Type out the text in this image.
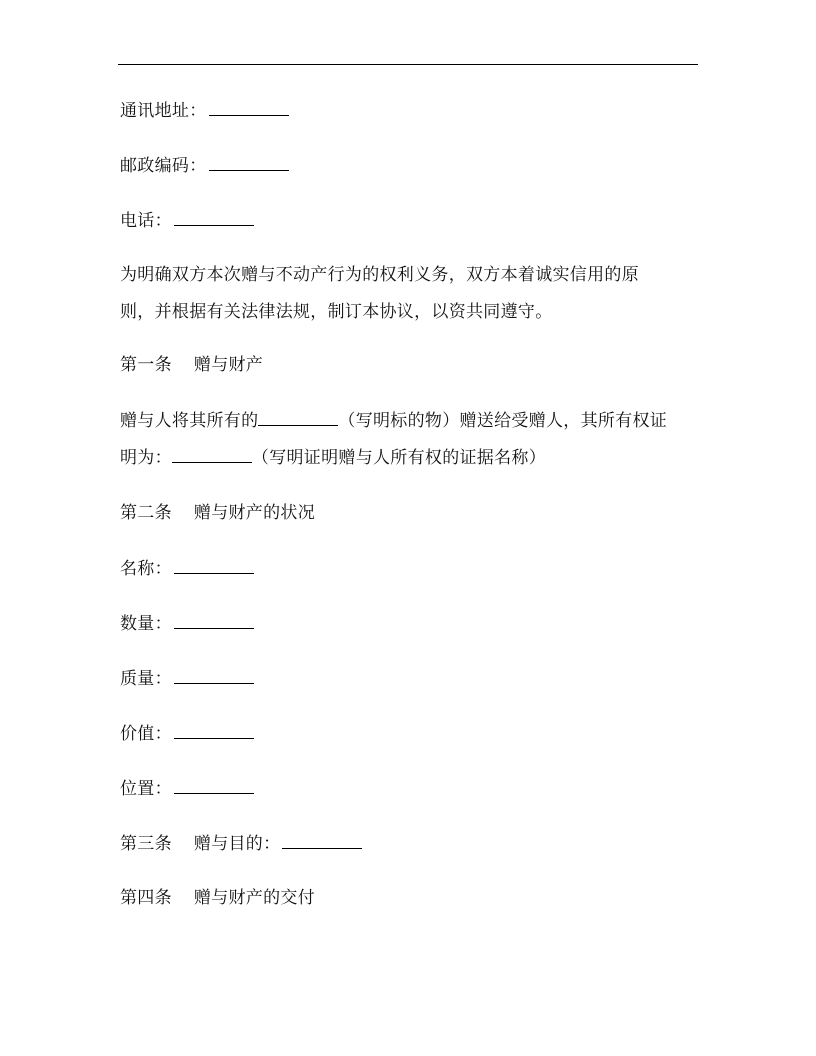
通讯地址：
邮政编码：
电话：
为明确双方本次赠与不动产行为的权利义务，双方本着诚实信用的原
则，并根据有关法律法规，制订本协议，以资共同遵守。
第一条 赠与财产
赠与人将其所有的	（写明标的物）赠送给受赠人，其所有权证
明为：	（写明证明赠与人所有权的证据名称）
第二条 赠与财产的状况
名称：
数量：
质量：
价值：
位置：
第三条 赠与目的：
第四条 赠与财产的交付
